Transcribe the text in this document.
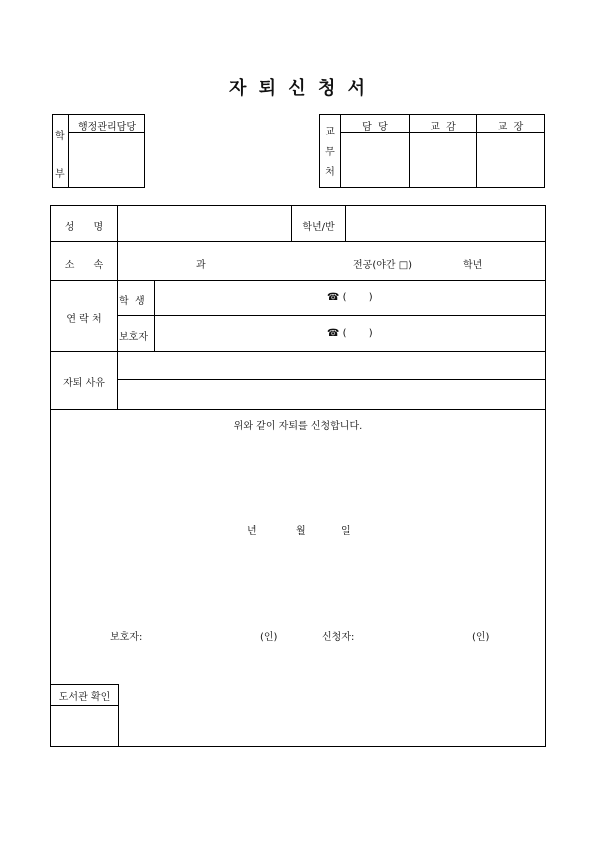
자 퇴 신 청 서
학
부
행정관리담당	교
무
처
담  당	교  감	교  장
성      명	학년/반
소      속	과	전공(야간 □)	학년
연 락 처
학  생	☎ (       )
보호자	☎ (       )
자퇴 사유
위와 같이 자퇴를 신청합니다.
년	월	일
보호자:	(인)	신청자:	(인)
도서관 확인
